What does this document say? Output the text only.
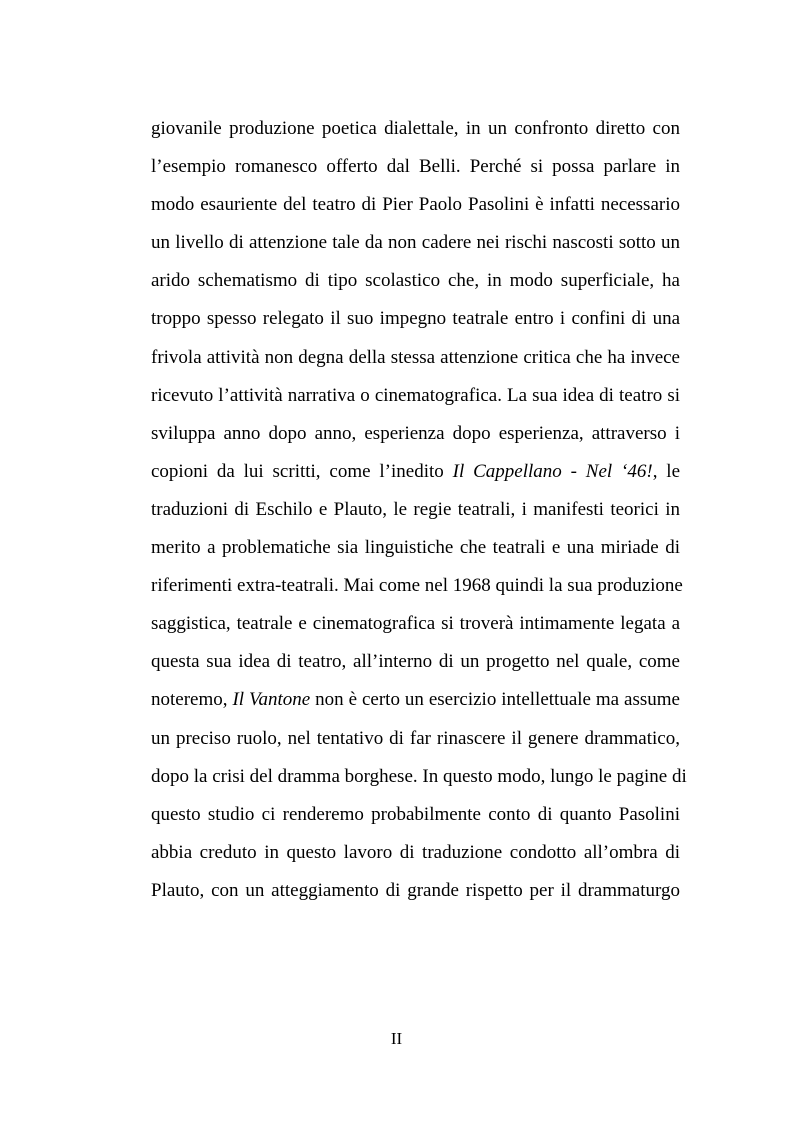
giovanile produzione poetica dialettale, in un confronto diretto con
l’esempio romanesco offerto dal Belli. Perché si possa parlare in
modo esauriente del teatro di Pier Paolo Pasolini è infatti necessario
un livello di attenzione tale da non cadere nei rischi nascosti sotto un
arido schematismo di tipo scolastico che, in modo superficiale, ha
troppo spesso relegato il suo impegno teatrale entro i confini di una
frivola attività non degna della stessa attenzione critica che ha invece
ricevuto l’attività narrativa o cinematografica. La sua idea di teatro si
sviluppa anno dopo anno, esperienza dopo esperienza, attraverso i
copioni da lui scritti, come l’inedito Il Cappellano - Nel ‘46!, le
traduzioni di Eschilo e Plauto, le regie teatrali, i manifesti teorici in
merito a problematiche sia linguistiche che teatrali e una miriade di
riferimenti extra-teatrali. Mai come nel 1968 quindi la sua produzione
saggistica, teatrale e cinematografica si troverà intimamente legata a
questa sua idea di teatro, all’interno di un progetto nel quale, come
noteremo, Il Vantone non è certo un esercizio intellettuale ma assume
un preciso ruolo, nel tentativo di far rinascere il genere drammatico,
dopo la crisi del dramma borghese. In questo modo, lungo le pagine di
questo studio ci renderemo probabilmente conto di quanto Pasolini
abbia creduto in questo lavoro di traduzione condotto all’ombra di
Plauto, con un atteggiamento di grande rispetto per il drammaturgo
II
